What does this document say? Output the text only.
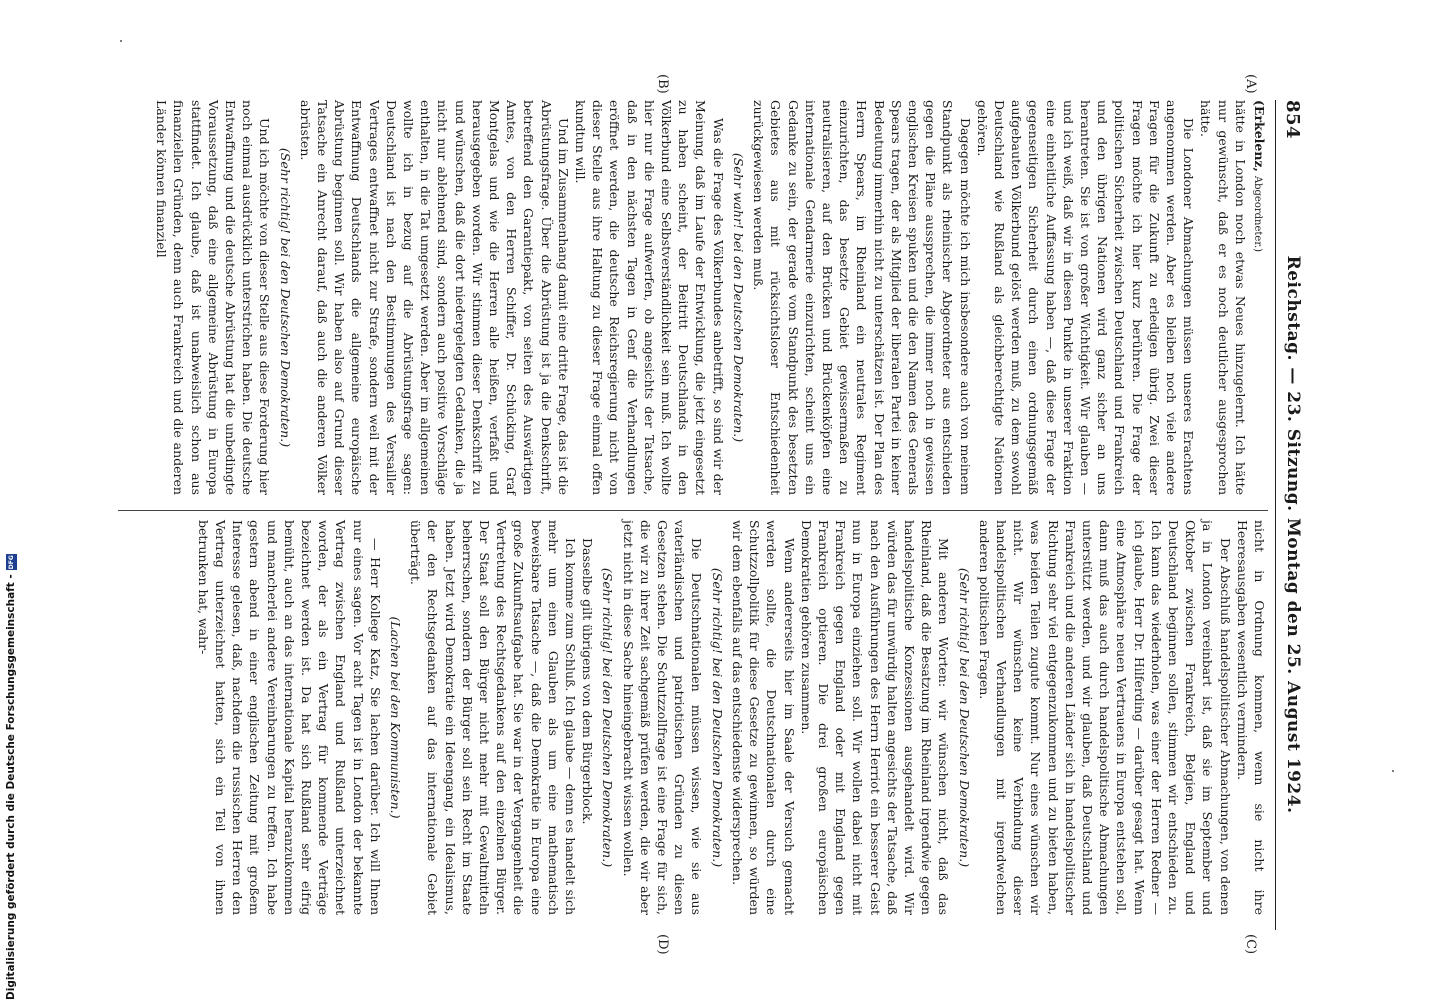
854
Reichstag. — 23. Sitzung. Montag den 25. August 1924.

(Erkelenz, Abgeordneter.)

hätte in London noch etwas Neues hinzugelernt. Ich hätte nur gewünscht, daß er es noch deutlicher ausgesprochen hätte.

Die Londoner Abmachungen müssen unseres Erachtens angenommen werden. Aber es bleiben noch viele andere Fragen für die Zukunft zu erledigen übrig. Zwei dieser Fragen möchte ich hier kurz berühren. Die Frage der politischen Sicherheit zwischen Deutschland und Frankreich und den übrigen Nationen wird ganz sicher an uns herantreten. Sie ist von großer Wichtigkeit. Wir glauben — und ich weiß, daß wir in diesen Punkte in unserer Fraktion eine einheitliche Auffassung haben —, daß diese Frage der gegenseitigen Sicherheit durch einen ordnungsgemäß aufgebauten Völkerbund gelöst werden muß, zu dem sowohl Deutschland wie Rußland als gleichberechtigte Nationen gehören.

Dagegen möchte ich mich insbesondere auch von meinem Standpunkt als rheinischer Abgeordneter aus entschieden gegen die Pläne aussprechen, die immer noch in gewissen englischen Kreisen spuken und die den Namen des Generals Spears tragen, der als Mitglied der liberalen Partei in keiner Bedeutung immerhin nicht zu unterschätzen ist. Der Plan des Herrn Spears, im Rheinland ein neutrales Regiment einzurichten, das besetzte Gebiet gewissermaßen zu neutralisieren, auf den Brücken und Brückenköpfen eine internationale Gendarmerie einzurichten, scheint uns ein Gedanke zu sein, der gerade vom Standpunkt des besetzten Gebietes aus mit rücksichtsloser Entschiedenheit zurückgewiesen werden muß.

(Sehr wahr! bei den Deutschen Demokraten.)

Was die Frage des Völkerbundes anbetrifft, so sind wir der Meinung, daß im Laufe der Entwicklung, die jetzt eingesetzt zu haben scheint, der Beitritt Deutschlands in den Völkerbund eine Selbstverständlichkeit sein muß. Ich wollte hier nur die Frage aufwerfen, ob angesichts der Tatsache, daß in den nächsten Tagen in Genf die Verhandlungen eröffnet werden, die deutsche Reichsregierung nicht von dieser Stelle aus ihre Haltung zu dieser Frage einmal offen kundtun will.

Und im Zusammenhang damit eine dritte Frage, das ist die Abrüstungsfrage. Über die Abrüstung ist ja die Denkschrift, betreffend den Garantiepakt, von seiten des Auswärtigen Amtes, von den Herren Schiffer, Dr. Schücking, Graf Montgelas und wie die Herren alle heißen, verfaßt und herausgegeben worden. Wir stimmen dieser Denkschrift zu und wünschen, daß die dort niedergelegten Gedanken, die ja nicht nur ablehnend sind, sondern auch positive Vorschläge enthalten, in die Tat umgesetzt werden. Aber im allgemeinen wollte ich in bezug auf die Abrüstungsfrage sagen: Deutschland ist nach den Bestimmungen des Versailler Vertrages entwaffnet nicht zur Strafe, sondern weil mit der Entwaffnung Deutschlands die allgemeine europäische Abrüstung beginnen soll. Wir haben also auf Grund dieser Tatsache ein Anrecht darauf, daß auch die anderen Völker abrüsten.

(Sehr richtig! bei den Deutschen Demokraten.)

Und ich möchte von dieser Stelle aus diese Forderung hier noch einmal ausdrücklich unterstrichen haben. Die deutsche Entwaffnung und die deutsche Abrüstung hat die unbedingte Voraussetzung, daß eine allgemeine Abrüstung in Europa stattfindet. Ich glaube, daß ist unabweislich schon aus finanziellen Gründen, denn auch Frankreich und die anderen Länder können finanziell

nicht in Ordnung kommen, wenn sie nicht ihre Heeresausgaben wesentlich vermindern.

Der Abschluß handelspolitischer Abmachungen, von denen ja in London vereinbart ist, daß sie im September und Oktober zwischen Frankreich, Belgien, England und Deutschland beginnen sollen, stimmen wir entschieden zu. Ich kann das wiederholen, was einer der Herren Redner — ich glaube, Herr Dr. Hilferding — darüber gesagt hat. Wenn eine Atmosphäre neuen Vertrauens in Europa entstehen soll, dann muß das auch durch handelspolitische Abmachungen unterstützt werden, und wir glauben, daß Deutschland und Frankreich und die anderen Länder sich in handelspolitischer Richtung sehr viel entgegenzukommen und zu bieten haben, was beiden Teilen zugute kommt. Nur eines wünschen wir nicht. Wir wünschen keine Verbindung dieser handelspolitischen Verhandlungen mit irgendwelchen anderen politischen Fragen.

(Sehr richtig! bei den Deutschen Demokraten.)

Mit anderen Worten: wir wünschen nicht, daß das Rheinland, daß die Besatzung im Rheinland irgendwie gegen handelspolitische Konzessionen ausgehandelt wird. Wir würden das für unwürdig halten angesichts der Tatsache, daß nach den Ausführungen des Herrn Herriot ein besserer Geist nun in Europa einziehen soll. Wir wollen dabei nicht mit Frankreich gegen England oder mit England gegen Frankreich optieren. Die drei großen europäischen Demokratien gehören zusammen.

Wenn andererseits hier im Saale der Versuch gemacht werden sollte, die Deutschnationalen durch eine Schutzzollpolitik für diese Gesetze zu gewinnen, so würden wir dem ebenfalls auf das entschiedenste widersprechen.

(Sehr richtig! bei den Deutschen Demokraten.)

Die Deutschnationalen müssen wissen, wie sie aus vaterländischen und patriotischen Gründen zu diesen Gesetzen stehen. Die Schutzzollfrage ist eine Frage für sich, die wir zu ihrer Zeit sachgemäß prüfen werden, die wir aber jetzt nicht in diese Sache hineingebracht wissen wollen.

(Sehr richtig! bei den Deutschen Demokraten.)

Dasselbe gilt übrigens von dem Bürgerblock.

Ich komme zum Schluß. Ich glaube — denn es handelt sich mehr um einen Glauben als um eine mathematisch beweisbare Tatsache —, daß die Demokratie in Europa eine große Zukunftsaufgabe hat. Sie war in der Vergangenheit die Vertretung des Rechtsgedankens auf den einzelnen Bürger. Der Staat soll den Bürger nicht mehr mit Gewaltmitteln beherrschen, sondern der Bürger soll sein Recht im Staate haben. Jetzt wird Demokratie ein Ideengang, ein Idealismus, der den Rechtsgedanken auf das internationale Gebiet überträgt.

(Lachen bei den Kommunisten.)

— Herr Kollege Katz, Sie lachen darüber. Ich will Ihnen nur eines sagen. Vor acht Tagen ist in London der bekannte Vertrag zwischen England und Rußland unterzeichnet worden, der als ein Vertrag für kommende Verträge bezeichnet werden ist. Da hat sich Rußland sehr eifrig bemüht, auch an das internationale Kapital heranzukommen und mancherlei andere Vereinbarungen zu treffen. Ich habe gestern abend in einer englischen Zeitung mit großem Interesse gelesen, daß, nachdem die russischen Herren den Vertrag unterzeichnet hatten, sich ein Teil von ihnen betrunken hat, wahr-

(A)
(B)
(C)
(D)
Digitalisierung gefördert durch die Deutsche Forschungsgemeinschaft -
DFG
